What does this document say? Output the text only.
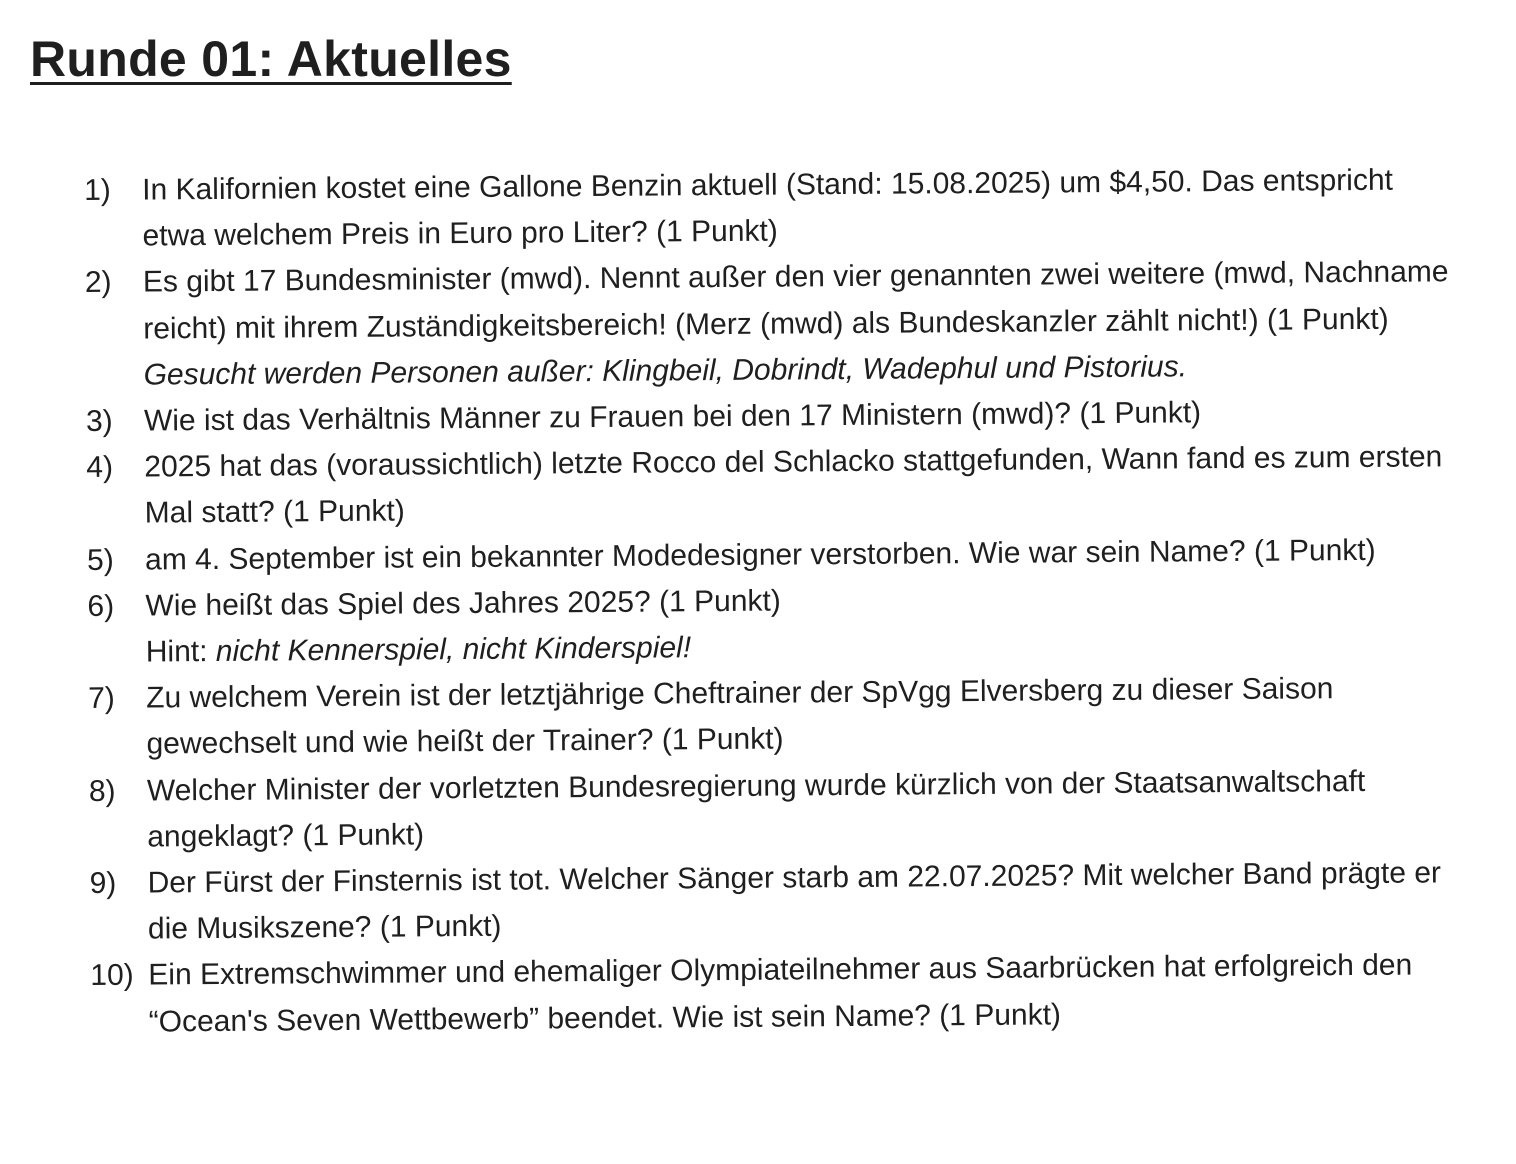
Runde 01: Aktuelles
1)	In Kalifornien kostet eine Gallone Benzin aktuell (Stand: 15.08.2025) um $4,50. Das entspricht etwa welchem Preis in Euro pro Liter? (1 Punkt)
2)	Es gibt 17 Bundesminister (mwd). Nennt außer den vier genannten zwei weitere (mwd, Nachname reicht) mit ihrem Zuständigkeitsbereich! (Merz (mwd) als Bundeskanzler zählt nicht!) (1 Punkt)
Gesucht werden Personen außer: Klingbeil, Dobrindt, Wadephul und Pistorius.
3)	Wie ist das Verhältnis Männer zu Frauen bei den 17 Ministern (mwd)? (1 Punkt)
4)	2025 hat das (voraussichtlich) letzte Rocco del Schlacko stattgefunden, Wann fand es zum ersten Mal statt? (1 Punkt)
5)	am 4. September ist ein bekannter Modedesigner verstorben. Wie war sein Name? (1 Punkt)
6)	Wie heißt das Spiel des Jahres 2025? (1 Punkt)
Hint: nicht Kennerspiel, nicht Kinderspiel!
7)	Zu welchem Verein ist der letztjährige Cheftrainer der SpVgg Elversberg zu dieser Saison gewechselt und wie heißt der Trainer? (1 Punkt)
8)	Welcher Minister der vorletzten Bundesregierung wurde kürzlich von der Staatsanwaltschaft angeklagt? (1 Punkt)
9)	Der Fürst der Finsternis ist tot. Welcher Sänger starb am 22.07.2025? Mit welcher Band prägte er die Musikszene? (1 Punkt)
10) Ein Extremschwimmer und ehemaliger Olympiateilnehmer aus Saarbrücken hat erfolgreich den “Ocean's Seven Wettbewerb” beendet. Wie ist sein Name? (1 Punkt)
